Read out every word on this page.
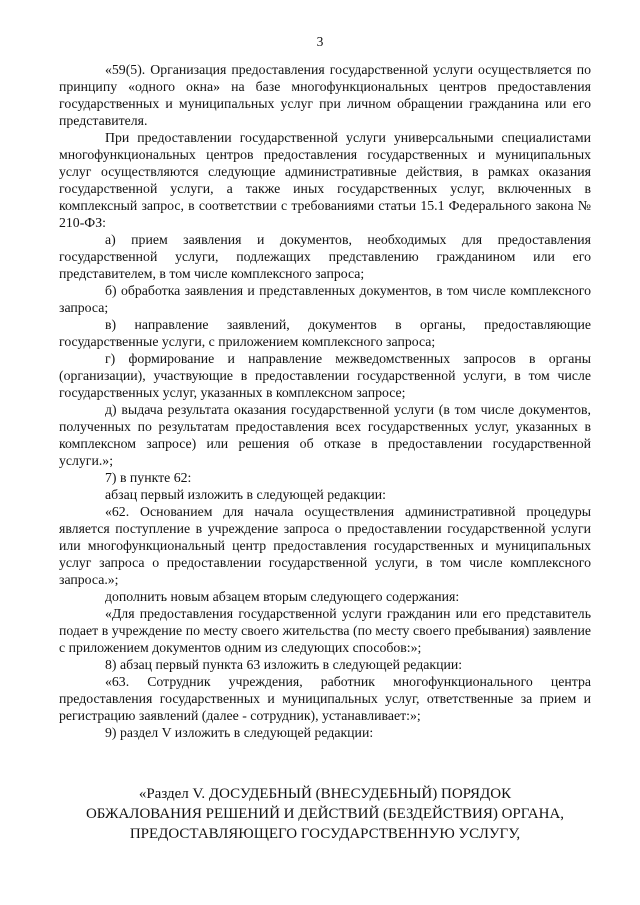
3

«59(5). Организация предоставления государственной услуги осуществляется по принципу «одного окна» на базе многофункциональных центров предоставления государственных и муниципальных услуг при личном обращении гражданина или его представителя.

При предоставлении государственной услуги универсальными специалистами многофункциональных центров предоставления государственных и муниципальных услуг осуществляются следующие административные действия, в рамках оказания государственной услуги, а также иных государственных услуг, включенных в комплексный запрос, в соответствии с требованиями статьи 15.1 Федерального закона № 210-ФЗ:

а) прием заявления и документов, необходимых для предоставления государственной услуги, подлежащих представлению гражданином или его представителем, в том числе комплексного запроса;

б) обработка заявления и представленных документов, в том числе комплексного запроса;

в) направление заявлений, документов в органы, предоставляющие государственные услуги, с приложением комплексного запроса;

г) формирование и направление межведомственных запросов в органы (организации), участвующие в предоставлении государственной услуги, в том числе государственных услуг, указанных в комплексном запросе;

д) выдача результата оказания государственной услуги (в том числе документов, полученных по результатам предоставления всех государственных услуг, указанных в комплексном запросе) или решения об отказе в предоставлении государственной услуги.»;

7) в пункте 62:

абзац первый изложить в следующей редакции:

«62. Основанием для начала осуществления административной процедуры является поступление в учреждение запроса о предоставлении государственной услуги или многофункциональный центр предоставления государственных и муниципальных услуг запроса о предоставлении государственной услуги, в том числе комплексного запроса.»;

дополнить новым абзацем вторым следующего содержания:

«Для предоставления государственной услуги гражданин или его представитель подает в учреждение по месту своего жительства (по месту своего пребывания) заявление с приложением документов одним из следующих способов:»;

8) абзац первый пункта 63 изложить в следующей редакции:

«63. Сотрудник учреждения, работник многофункционального центра предоставления государственных и муниципальных услуг, ответственные за прием и регистрацию заявлений (далее - сотрудник), устанавливает:»;

9) раздел V изложить в следующей редакции:

«Раздел V. ДОСУДЕБНЫЙ (ВНЕСУДЕБНЫЙ) ПОРЯДОК
ОБЖАЛОВАНИЯ РЕШЕНИЙ И ДЕЙСТВИЙ (БЕЗДЕЙСТВИЯ) ОРГАНА,
ПРЕДОСТАВЛЯЮЩЕГО ГОСУДАРСТВЕННУЮ УСЛУГУ,
